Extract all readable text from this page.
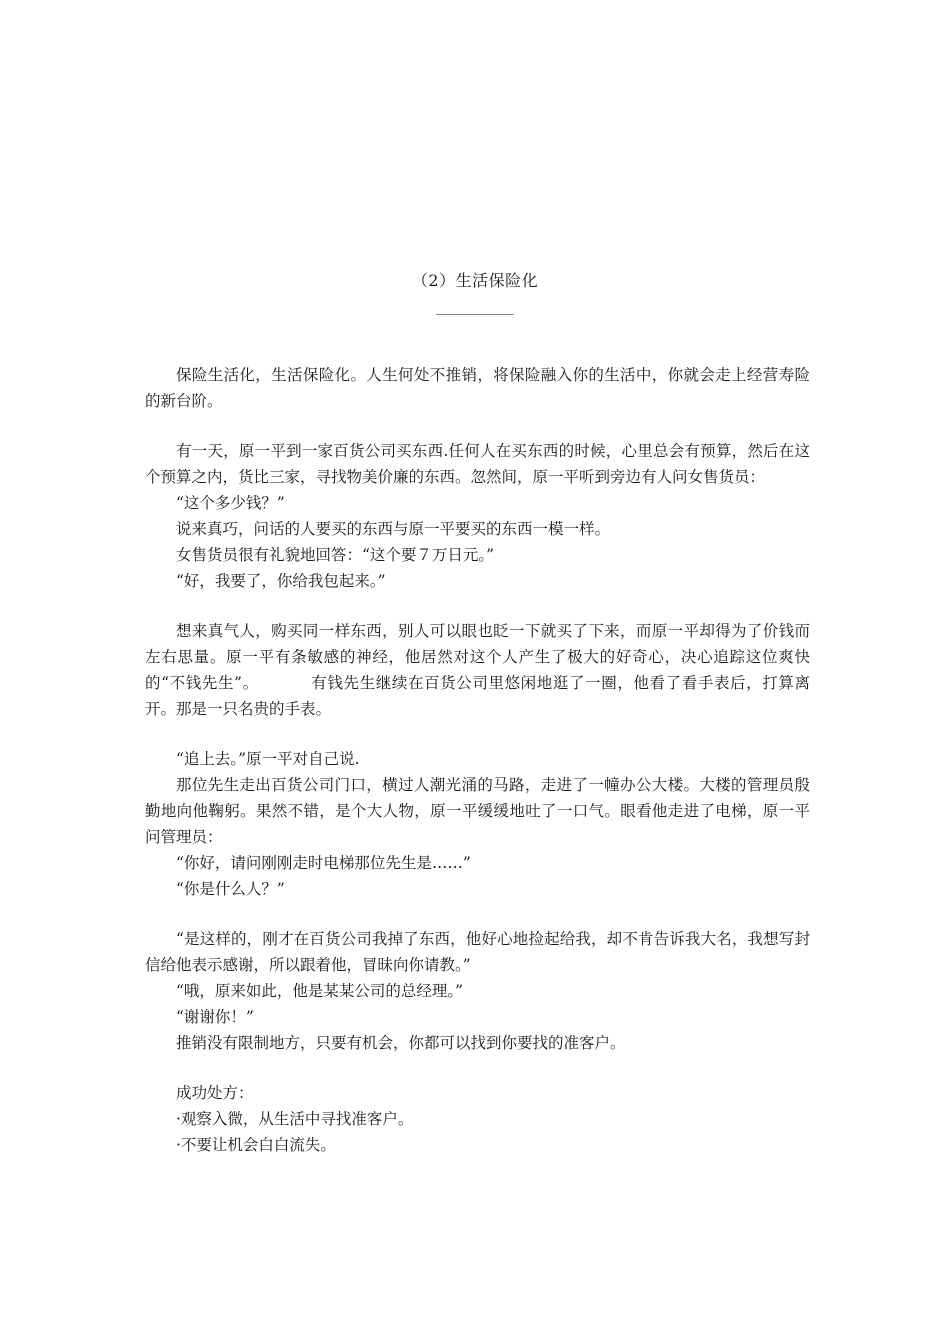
（2）生活保险化

保险生活化，生活保险化。人生何处不推销，将保险融入你的生活中，你就会走上经营寿险的新台阶。

有一天，原一平到一家百货公司买东西.任何人在买东西的时候，心里总会有预算，然后在这个预算之内，货比三家，寻找物美价廉的东西。忽然间，原一平听到旁边有人问女售货员：

“这个多少钱？”

说来真巧，问话的人要买的东西与原一平要买的东西一模一样。

女售货员很有礼貌地回答：“这个要７万日元。”

“好，我要了，你给我包起来。”

想来真气人，购买同一样东西，别人可以眼也眨一下就买了下来，而原一平却得为了价钱而左右思量。原一平有条敏感的神经，他居然对这个人产生了极大的好奇心，决心追踪这位爽快的“不钱先生”。	有钱先生继续在百货公司里悠闲地逛了一圈，他看了看手表后，打算离开。那是一只名贵的手表。

“追上去。”原一平对自己说.

那位先生走出百货公司门口，横过人潮光涌的马路，走进了一幢办公大楼。大楼的管理员殷勤地向他鞠躬。果然不错，是个大人物，原一平缓缓地吐了一口气。眼看他走进了电梯，原一平问管理员：

“你好，请问刚刚走时电梯那位先生是……”

“你是什么人？”

“是这样的，刚才在百货公司我掉了东西，他好心地捡起给我，却不肯告诉我大名，我想写封信给他表示感谢，所以跟着他，冒昧向你请教。”

“哦，原来如此，他是某某公司的总经理。”

“谢谢你！”

推销没有限制地方，只要有机会，你都可以找到你要找的准客户。

成功处方：

·观察入微，从生活中寻找准客户。

·不要让机会白白流失。
